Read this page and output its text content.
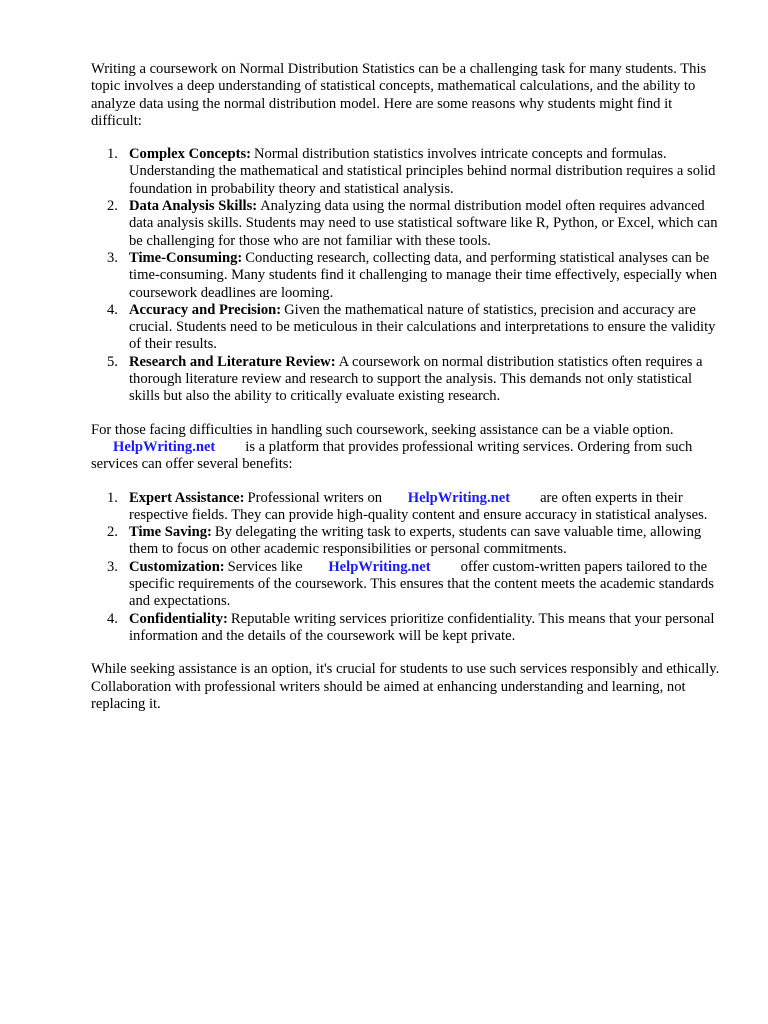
Writing a coursework on Normal Distribution Statistics can be a challenging task for many students. This topic involves a deep understanding of statistical concepts, mathematical calculations, and the ability to analyze data using the normal distribution model. Here are some reasons why students might find it difficult:

1. Complex Concepts: Normal distribution statistics involves intricate concepts and formulas. Understanding the mathematical and statistical principles behind normal distribution requires a solid foundation in probability theory and statistical analysis.
2. Data Analysis Skills: Analyzing data using the normal distribution model often requires advanced data analysis skills. Students may need to use statistical software like R, Python, or Excel, which can be challenging for those who are not familiar with these tools.
3. Time-Consuming: Conducting research, collecting data, and performing statistical analyses can be time-consuming. Many students find it challenging to manage their time effectively, especially when coursework deadlines are looming.
4. Accuracy and Precision: Given the mathematical nature of statistics, precision and accuracy are crucial. Students need to be meticulous in their calculations and interpretations to ensure the validity of their results.
5. Research and Literature Review: A coursework on normal distribution statistics often requires a thorough literature review and research to support the analysis. This demands not only statistical skills but also the ability to critically evaluate existing research.

For those facing difficulties in handling such coursework, seeking assistance can be a viable option.
HelpWriting.net is a platform that provides professional writing services. Ordering from such services can offer several benefits:

1. Expert Assistance: Professional writers on HelpWriting.net are often experts in their respective fields. They can provide high-quality content and ensure accuracy in statistical analyses.
2. Time Saving: By delegating the writing task to experts, students can save valuable time, allowing them to focus on other academic responsibilities or personal commitments.
3. Customization: Services like HelpWriting.net offer custom-written papers tailored to the specific requirements of the coursework. This ensures that the content meets the academic standards and expectations.
4. Confidentiality: Reputable writing services prioritize confidentiality. This means that your personal information and the details of the coursework will be kept private.

While seeking assistance is an option, it's crucial for students to use such services responsibly and ethically. Collaboration with professional writers should be aimed at enhancing understanding and learning, not replacing it.
